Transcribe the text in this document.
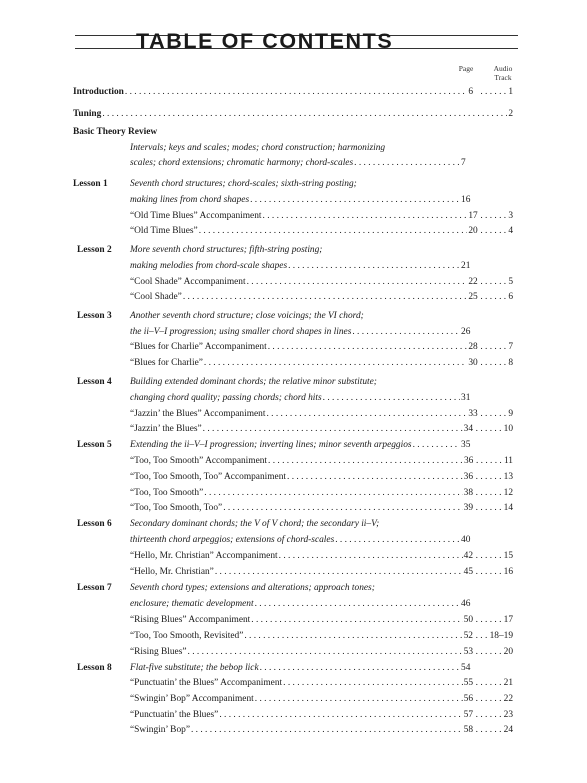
TABLE OF CONTENTS
Page	Audio
Track
Introduction . . .	6 . . .	1
Tuning . . .	2
Basic Theory Review
Intervals; keys and scales; modes; chord construction; harmonizing
scales; chord extensions; chromatic harmony; chord-scales . . .	7
Lesson 1 Seventh chord structures; chord-scales; sixth-string posting;
making lines from chord shapes . . .	16
“Old Time Blues” Accompaniment . . .	17 . . .	3
“Old Time Blues” . . .	20 . . .	4
Lesson 2 More seventh chord structures; fifth-string posting;
making melodies from chord-scale shapes . . .	21
“Cool Shade” Accompaniment . . .	22 . . .	5
“Cool Shade” . . .	25 . . .	6
Lesson 3 Another seventh chord structure; close voicings; the VI chord;
the ii–V–I progression; using smaller chord shapes in lines . . .	26
“Blues for Charlie” Accompaniment . . .	28 . . .	7
“Blues for Charlie” . . .	30 . . .	8
Lesson 4 Building extended dominant chords; the relative minor substitute;
changing chord quality; passing chords; chord hits . . .	31
“Jazzin’ the Blues” Accompaniment . . .	33 . . .	9
“Jazzin’ the Blues” . . .	34 . . .	10
Lesson 5 Extending the ii–V–I progression; inverting lines; minor seventh arpeggios . . .	35
“Too, Too Smooth” Accompaniment . . .	36 . . .	11
“Too, Too Smooth, Too” Accompaniment . . .	36 . . .	13
“Too, Too Smooth” . . .	38 . . .	12
“Too, Too Smooth, Too” . . .	39 . . .	14
Lesson 6 Secondary dominant chords; the V of V chord; the secondary ii–V;
thirteenth chord arpeggios; extensions of chord-scales . . .	40
“Hello, Mr. Christian” Accompaniment . . .	42 . . .	15
“Hello, Mr. Christian” . . .	45 . . .	16
Lesson 7 Seventh chord types; extensions and alterations; approach tones;
enclosure; thematic development . . .	46
“Rising Blues” Accompaniment . . .	50 . . .	17
“Too, Too Smooth, Revisited” . . .	52 . . . 18–19
“Rising Blues” . . .	53 . . .	20
Lesson 8 Flat-five substitute; the bebop lick . . .	54
“Punctuatin’ the Blues” Accompaniment . . .	55 . . .	21
“Swingin’ Bop” Accompaniment . . .	56 . . .	22
“Punctuatin’ the Blues” . . .	57 . . .	23
“Swingin’ Bop” . . .	58 . . .	24
